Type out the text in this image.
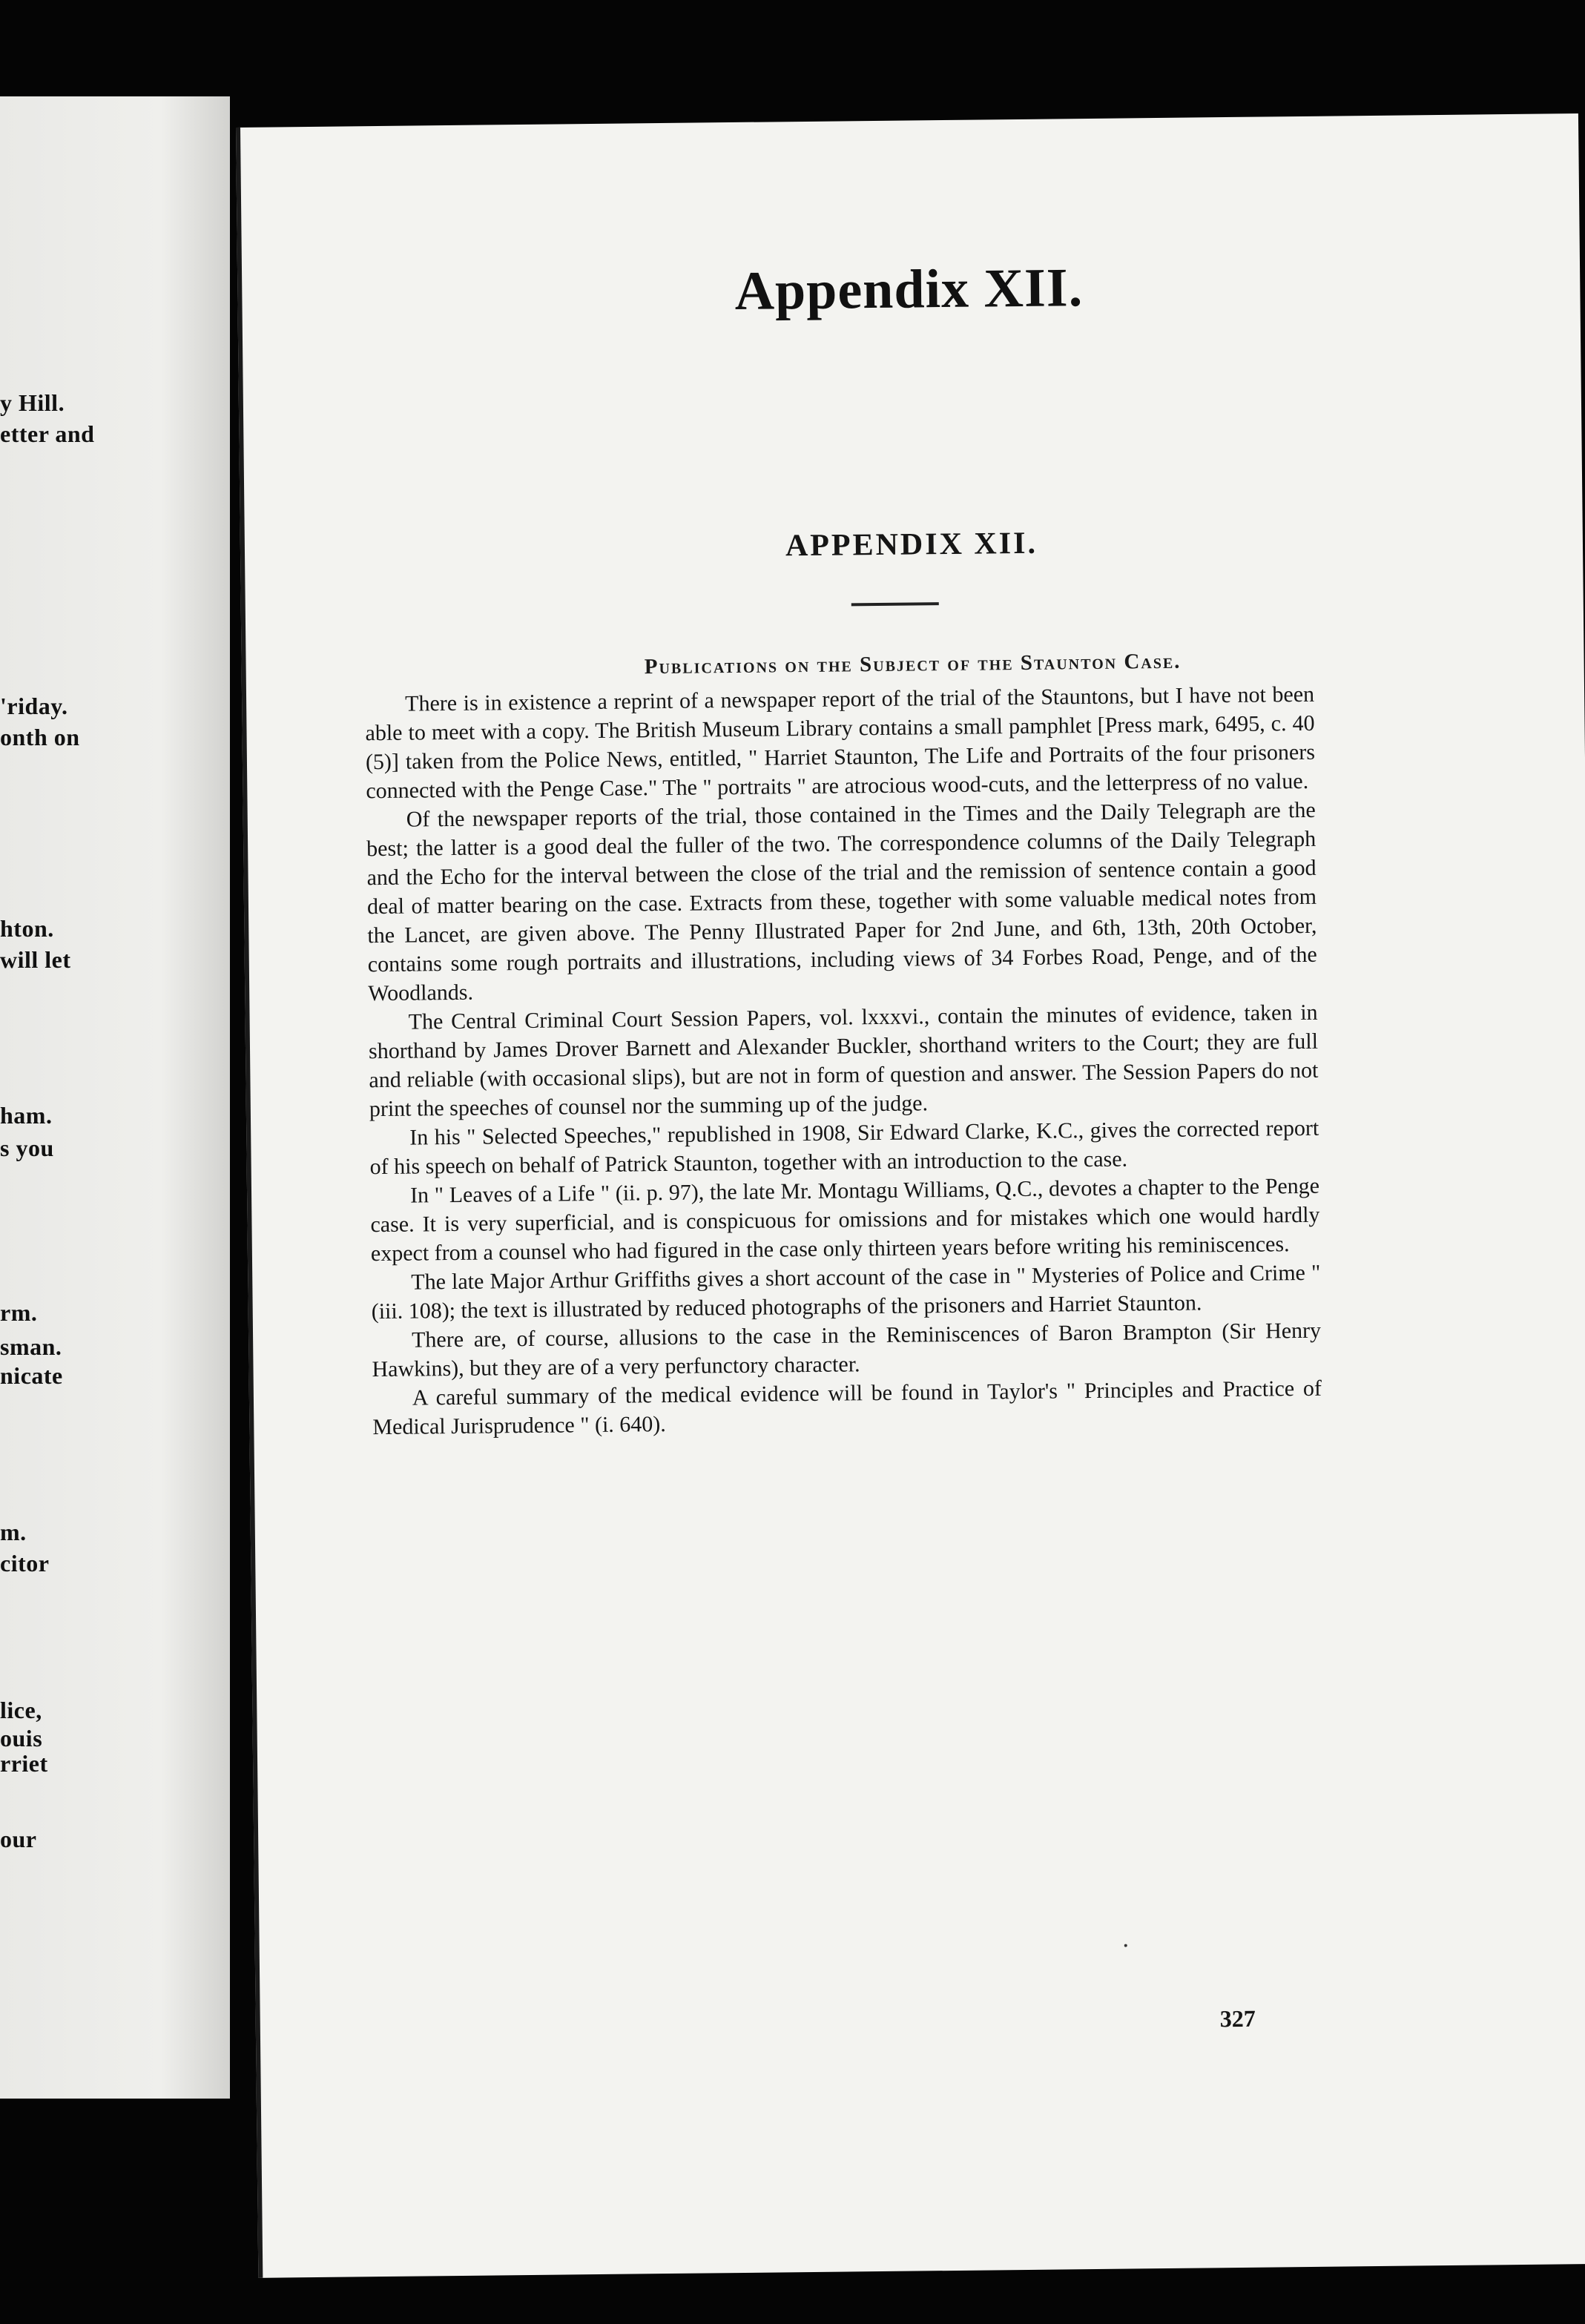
y Hill.
etter and
'riday.
onth on
hton.
will let
ham.
s you
rm.
sman.
nicate
m.
citor
lice,
ouis
rriet
our
Appendix XII.
APPENDIX XII.
Publications on the Subject of the Staunton Case.

There is in existence a reprint of a newspaper report of the trial of the Stauntons, but I have not been able to meet with a copy. The British Museum Library contains a small pamphlet [Press mark, 6495, c. 40 (5)] taken from the Police News, entitled, " Harriet Staunton, The Life and Portraits of the four prisoners connected with the Penge Case." The " portraits " are atrocious wood-cuts, and the letterpress of no value.

Of the newspaper reports of the trial, those contained in the Times and the Daily Telegraph are the best; the latter is a good deal the fuller of the two. The correspondence columns of the Daily Telegraph and the Echo for the interval between the close of the trial and the remission of sentence contain a good deal of matter bearing on the case. Extracts from these, together with some valuable medical notes from the Lancet, are given above. The Penny Illustrated Paper for 2nd June, and 6th, 13th, 20th October, contains some rough portraits and illustrations, including views of 34 Forbes Road, Penge, and of the Woodlands.

The Central Criminal Court Session Papers, vol. lxxxvi., contain the minutes of evidence, taken in shorthand by James Drover Barnett and Alexander Buckler, shorthand writers to the Court; they are full and reliable (with occasional slips), but are not in form of question and answer. The Session Papers do not print the speeches of counsel nor the summing up of the judge.

In his " Selected Speeches," republished in 1908, Sir Edward Clarke, K.C., gives the corrected report of his speech on behalf of Patrick Staunton, together with an introduction to the case.

In " Leaves of a Life " (ii. p. 97), the late Mr. Montagu Williams, Q.C., devotes a chapter to the Penge case. It is very superficial, and is conspicuous for omissions and for mistakes which one would hardly expect from a counsel who had figured in the case only thirteen years before writing his reminiscences.

The late Major Arthur Griffiths gives a short account of the case in " Mysteries of Police and Crime " (iii. 108); the text is illustrated by reduced photographs of the prisoners and Harriet Staunton.

There are, of course, allusions to the case in the Reminiscences of Baron Brampton (Sir Henry Hawkins), but they are of a very perfunctory character.

A careful summary of the medical evidence will be found in Taylor's " Principles and Practice of Medical Jurisprudence " (i. 640).

327
